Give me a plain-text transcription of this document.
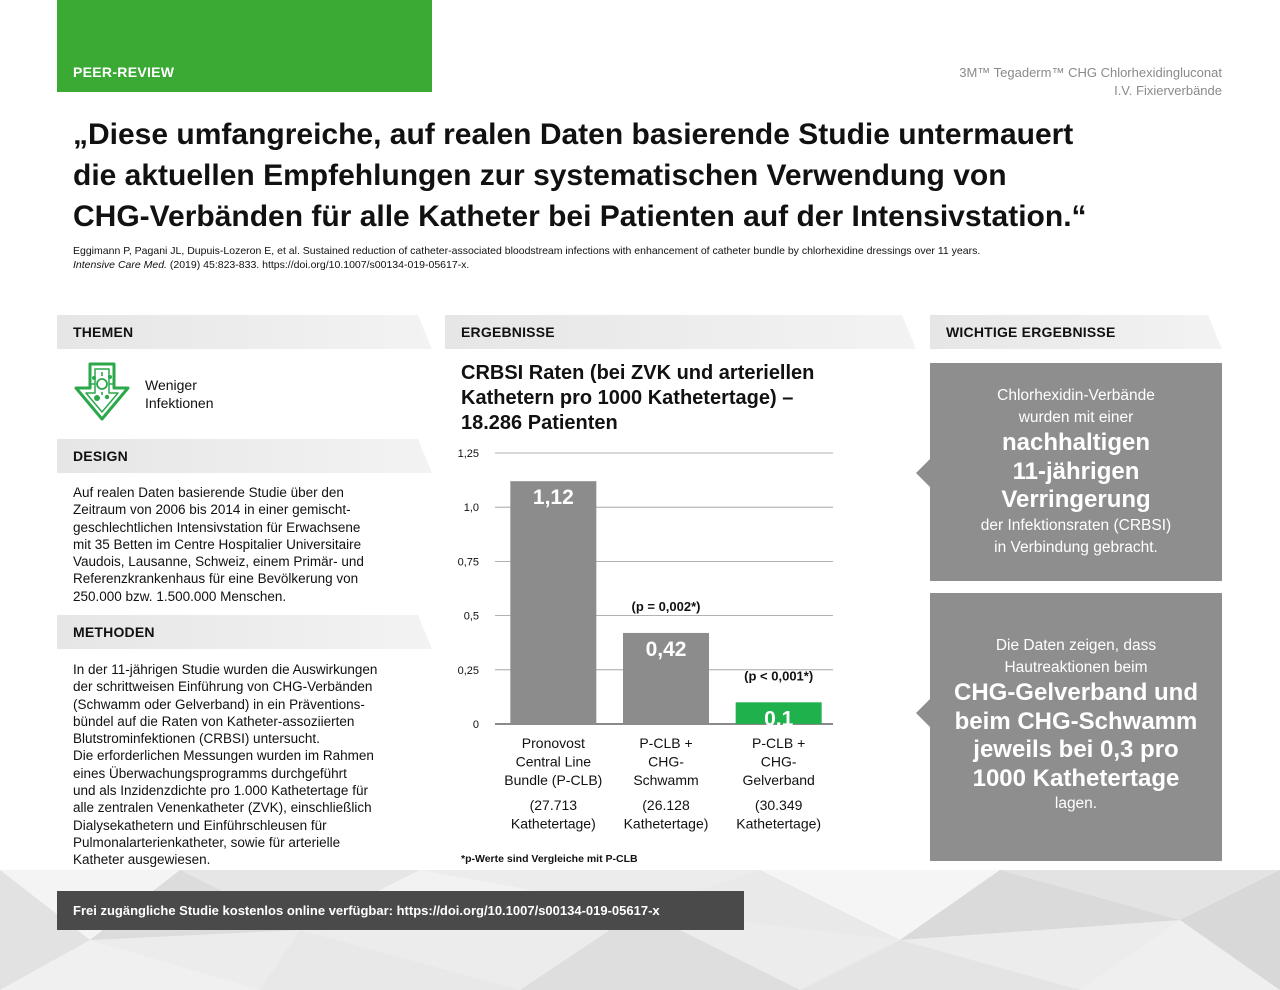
PEER-REVIEW	3M™ Tegaderm™ CHG Chlorhexidingluconat
I.V. Fixierverbände
„Diese umfangreiche, auf realen Daten basierende Studie untermauert
die aktuellen Empfehlungen zur systematischen Verwendung von
CHG-Verbänden für alle Katheter bei Patienten auf der Intensivstation.“
Eggimann P, Pagani JL, Dupuis-Lozeron E, et al. Sustained reduction of catheter-associated bloodstream infections with enhancement of catheter bundle by chlorhexidine dressings over 11 years.
Intensive Care Med. (2019) 45:823-833. https://doi.org/10.1007/s00134-019-05617-x.
THEMEN
Weniger
Infektionen
DESIGN
Auf realen Daten basierende Studie über den
Zeitraum von 2006 bis 2014 in einer gemischt-
geschlechtlichen Intensivstation für Erwachsene
mit 35 Betten im Centre Hospitalier Universitaire
Vaudois, Lausanne, Schweiz, einem Primär- und
Referenzkrankenhaus für eine Bevölkerung von
250.000 bzw. 1.500.000 Menschen.
METHODEN
In der 11-jährigen Studie wurden die Auswirkungen
der schrittweisen Einführung von CHG-Verbänden
(Schwamm oder Gelverband) in ein Präventions-
bündel auf die Raten von Katheter-assoziierten
Blutstrominfektionen (CRBSI) untersucht.
Die erforderlichen Messungen wurden im Rahmen
eines Überwachungsprogramms durchgeführt
und als Inzidenzdichte pro 1.000 Kathetertage für
alle zentralen Venenkatheter (ZVK), einschließlich
Dialysekathetern und Einführschleusen für
Pulmonalarterienkatheter, sowie für arterielle
Katheter ausgewiesen.
ERGEBNISSE
CRBSI Raten (bei ZVK und arteriellen
Kathetern pro 1000 Kathetertage) –
18.286 Patienten
0
0,25
0,5
0,75
1,0
1,25
1,12
Pronovost
Central Line
Bundle (P-CLB)
(27.713
Kathetertage)
0,42
(p = 0,002*)
P-CLB +
CHG-
Schwamm
(26.128
Kathetertage)
0,1
(p < 0,001*)
P-CLB +
CHG-
Gelverband
(30.349
Kathetertage)
*p-Werte sind Vergleiche mit P-CLB
WICHTIGE ERGEBNISSE
Chlorhexidin-Verbände
wurden mit einer
nachhaltigen
11-jährigen
Verringerung
der Infektionsraten (CRBSI)
in Verbindung gebracht.
Die Daten zeigen, dass
Hautreaktionen beim
CHG-Gelverband und
beim CHG-Schwamm
jeweils bei 0,3 pro
1000 Kathetertage
lagen.
Frei zugängliche Studie kostenlos online verfügbar: https://doi.org/10.1007/s00134-019-05617-x
